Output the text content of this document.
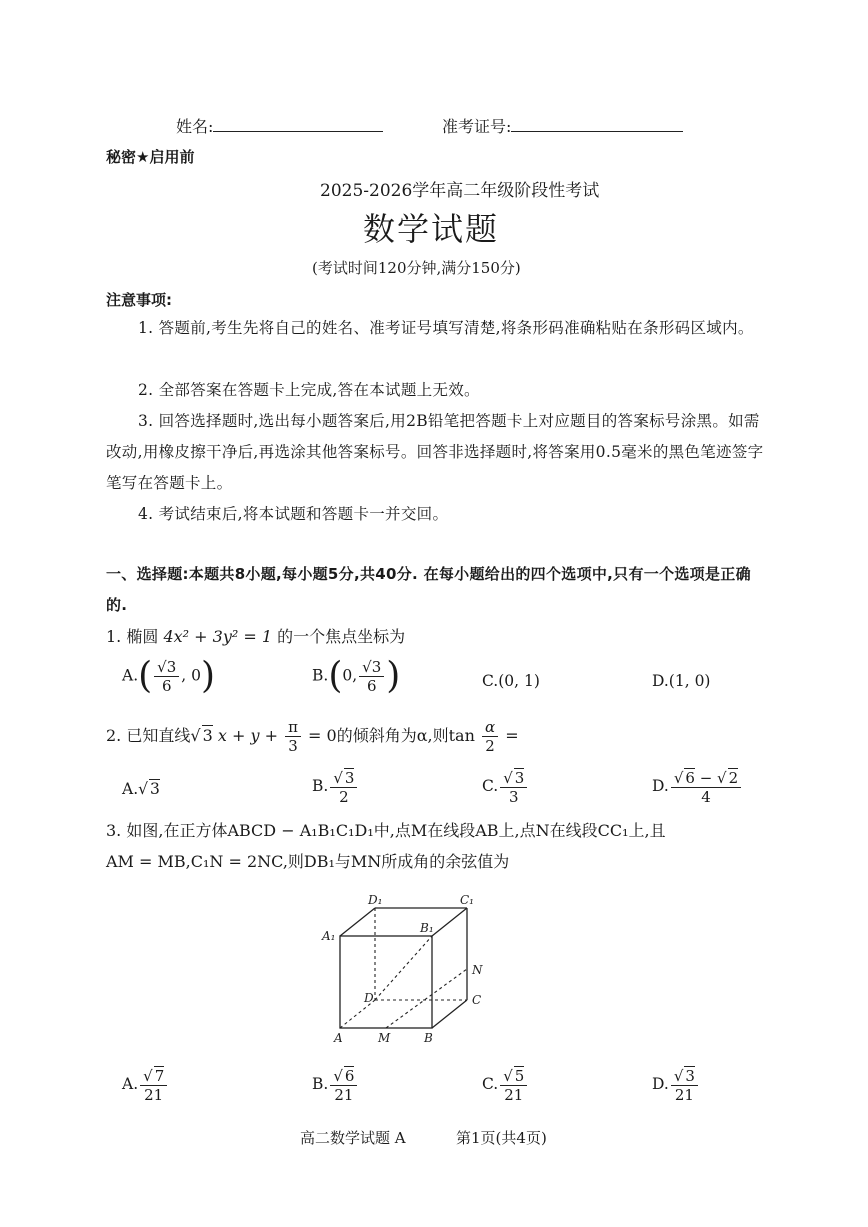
姓名:	准考证号:
秘密★启用前
2025-2026学年高二年级阶段性考试
数学试题
(考试时间120分钟,满分150分)
注意事项:
1. 答题前,考生先将自己的姓名、准考证号填写清楚,将条形码准确粘贴在条形码区域内。
2. 全部答案在答题卡上完成,答在本试题上无效。
3. 回答选择题时,选出每小题答案后,用2B铅笔把答题卡上对应题目的答案标号涂黑。如需改动,用橡皮擦干净后,再选涂其他答案标号。回答非选择题时,将答案用0.5毫米的黑色笔迹签字笔写在答题卡上。
4. 考试结束后,将本试题和答题卡一并交回。
一、选择题:本题共8小题,每小题5分,共40分. 在每小题给出的四个选项中,只有一个选项是正确的.
1. 椭圆 4x² + 3y² = 1 的一个焦点坐标为
$A.( \frac{√3}{6}$ , 0)	B.(0, $\frac{√3}{6}$ )	C.(0, 1)	D.(1, 0)
2. 已知直线√ 3 $x + y + \frac{\pi}{3} = 0$的倾斜角为α,则$\tan \frac{\alpha}{2}$ =
A.√ 3	B. $\frac{√ 3}{2}$	C. $\frac{√ 3}{3}$	D. $\frac{√ 6 - √ 2}{4}$
3. 如图,在正方体ABCD − A₁B₁C₁D₁中,点M在线段AB上,点N在线段CC₁上,且
AM = MB,C₁N = 2NC,则DB₁与MN所成角的余弦值为
D₁	C₁
A₁
B₁
N
D	C
A	M	B
A. $\frac{√ 7}{21}$	B. $\frac{√ 6}{21}$	C. $\frac{√ 5}{21}$	D. $\frac{√ 3}{21}$
高二数学试题 A	第1页(共4页)
